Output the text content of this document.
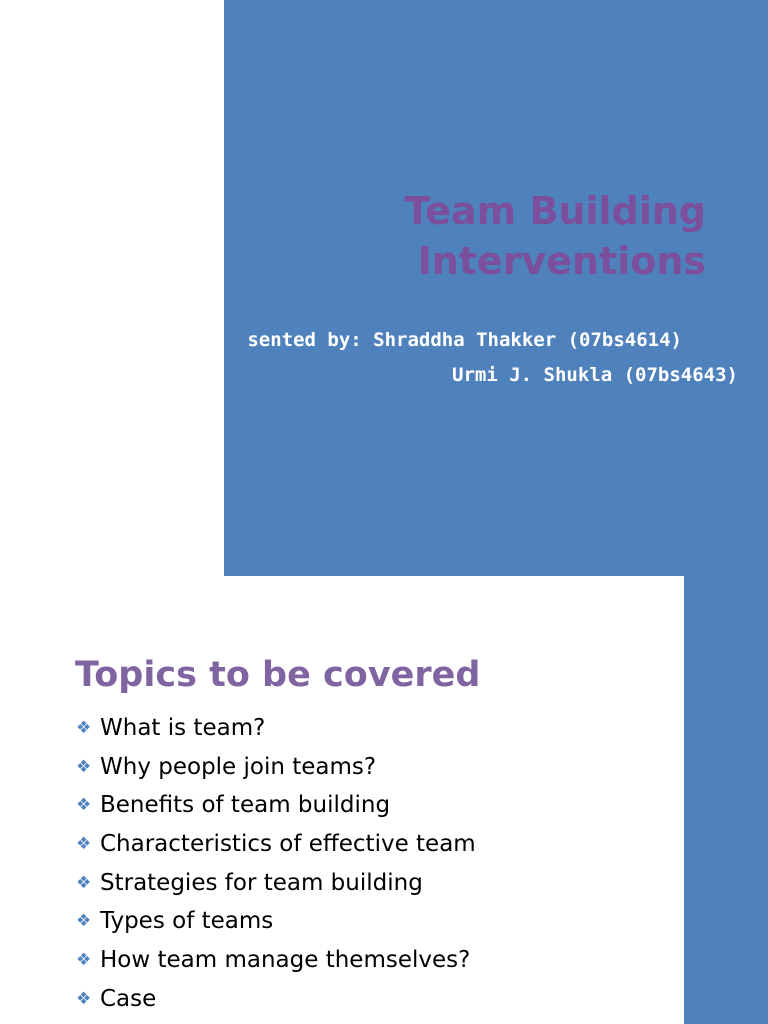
Team Building
Interventions
sented by: Shraddha Thakker (07bs4614)
Urmi J. Shukla (07bs4643)
Topics to be covered
❖ What is team?
❖ Why people join teams?
❖ Benefits of team building
❖ Characteristics of effective team
❖ Strategies for team building
❖ Types of teams
❖ How team manage themselves?
❖ Case
